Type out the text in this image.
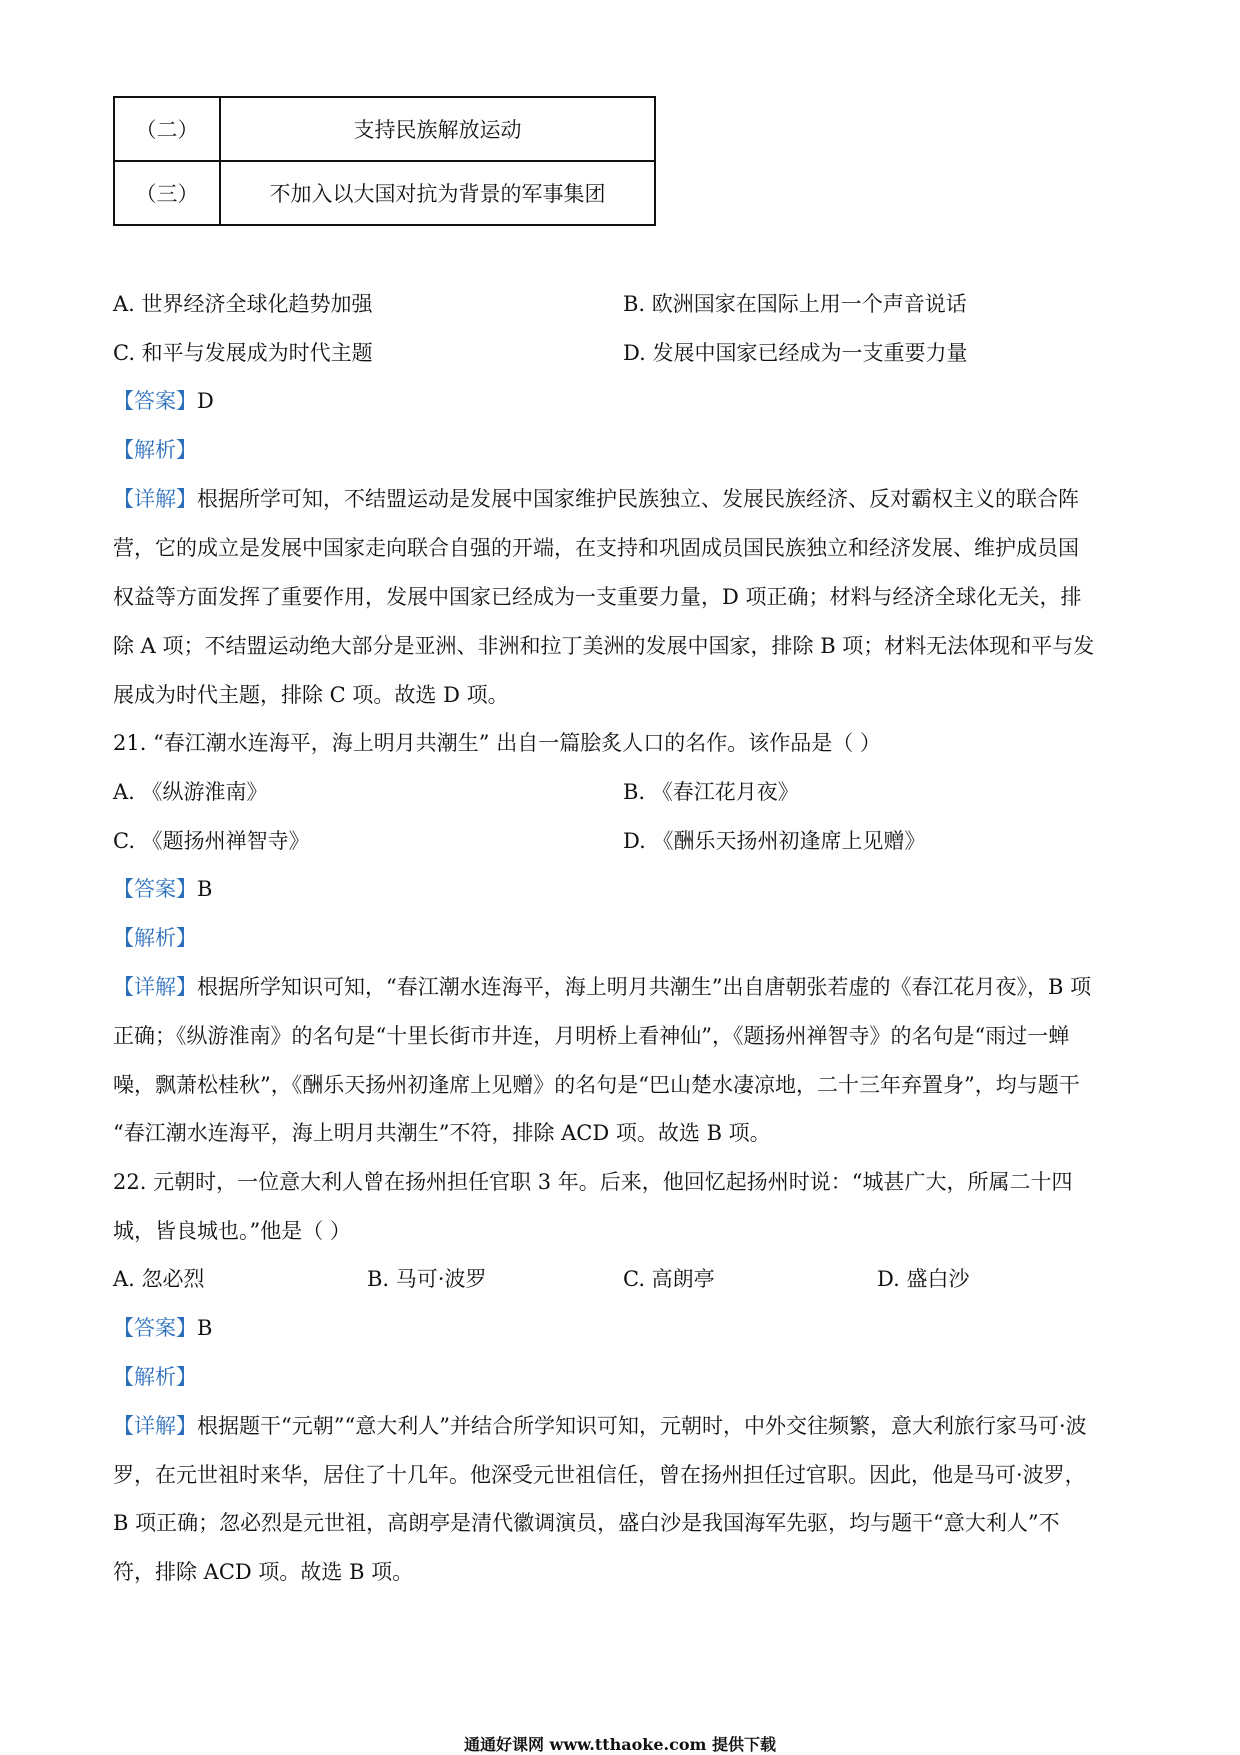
（二）	支持民族解放运动
（三）	不加入以大国对抗为背景的军事集团
A. 世界经济全球化趋势加强	B. 欧洲国家在国际上用一个声音说话
C. 和平与发展成为时代主题	D. 发展中国家已经成为一支重要力量
【答案】D
【解析】
【详解】根据所学可知，不结盟运动是发展中国家维护民族独立、发展民族经济、反对霸权主义的联合阵
营，它的成立是发展中国家走向联合自强的开端，在支持和巩固成员国民族独立和经济发展、维护成员国
权益等方面发挥了重要作用，发展中国家已经成为一支重要力量，D 项正确；材料与经济全球化无关，排
除 A 项；不结盟运动绝大部分是亚洲、非洲和拉丁美洲的发展中国家，排除 B 项；材料无法体现和平与发
展成为时代主题，排除 C 项。故选 D 项。
21. “春江潮水连海平，海上明月共潮生” 出自一篇脍炙人口的名作。该作品是（ ）
A. 《纵游淮南》	B. 《春江花月夜》
C. 《题扬州禅智寺》	D. 《酬乐天扬州初逢席上见赠》
【答案】B
【解析】
【详解】根据所学知识可知，“春江潮水连海平，海上明月共潮生”出自唐朝张若虚的《春江花月夜》，B 项
正确；《纵游淮南》的名句是“十里长街市井连，月明桥上看神仙”，《题扬州禅智寺》的名句是“雨过一蝉
噪，飘萧松桂秋”，《酬乐天扬州初逢席上见赠》的名句是“巴山楚水凄凉地，二十三年弃置身”，均与题干
“春江潮水连海平，海上明月共潮生”不符，排除 ACD 项。故选 B 项。
22. 元朝时，一位意大利人曾在扬州担任官职 3 年。后来，他回忆起扬州时说：“城甚广大，所属二十四
城，皆良城也。”他是（ ）
A. 忽必烈	B. 马可·波罗	C. 高朗亭	D. 盛白沙
【答案】B
【解析】
【详解】根据题干“元朝”“意大利人”并结合所学知识可知，元朝时，中外交往频繁，意大利旅行家马可·波
罗，在元世祖时来华，居住了十几年。他深受元世祖信任，曾在扬州担任过官职。因此，他是马可·波罗，
B 项正确；忽必烈是元世祖，高朗亭是清代徽调演员，盛白沙是我国海军先驱，均与题干“意大利人”不
符，排除 ACD 项。故选 B 项。
通通好课网 www.tthaoke.com 提供下载
